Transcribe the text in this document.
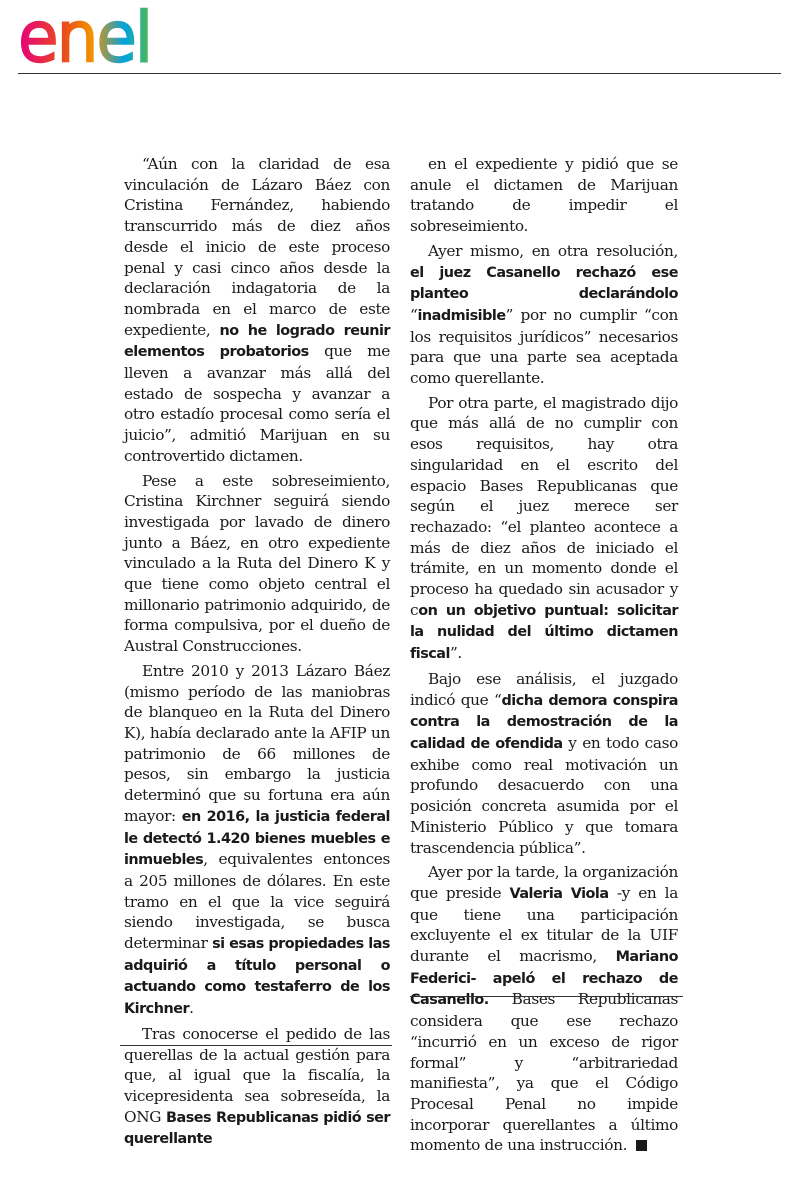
enel

“Aún con la claridad de esa vinculación de Lázaro Báez con Cristina Fernández, habiendo transcurrido más de diez años desde el inicio de este proceso penal y casi cinco años desde la declaración indagatoria de la nombrada en el marco de este expediente, no he logrado reunir elementos probatorios que me lleven a avanzar más allá del estado de sospecha y avanzar a otro estadío procesal como sería el juicio”, admitió Marijuan en su controvertido dictamen.

Pese a este sobreseimiento, Cristina Kirchner seguirá siendo investigada por lavado de dinero junto a Báez, en otro expediente vinculado a la Ruta del Dinero K y que tiene como objeto central el millonario patrimonio adquirido, de forma compulsiva, por el dueño de Austral Construcciones.

Entre 2010 y 2013 Lázaro Báez (mismo período de las maniobras de blanqueo en la Ruta del Dinero K), había declarado ante la AFIP un patrimonio de 66 millones de pesos, sin embargo la justicia determinó que su fortuna era aún mayor: en 2016, la justicia federal le detectó 1.420 bienes muebles e inmuebles, equivalentes entonces a 205 millones de dólares. En este tramo en el que la vice seguirá siendo investigada, se busca determinar si esas propiedades las adquirió a título personal o actuando como testaferro de los Kirchner.

Tras conocerse el pedido de las querellas de la actual gestión para que, al igual que la fiscalía, la vicepresidenta sea sobreseída, la ONG Bases Republicanas pidió ser querellante

en el expediente y pidió que se anule el dictamen de Marijuan tratando de impedir el sobreseimiento.

Ayer mismo, en otra resolución, el juez Casanello rechazó ese planteo declarándolo “inadmisible” por no cumplir “con los requisitos jurídicos” necesarios para que una parte sea aceptada como querellante.

Por otra parte, el magistrado dijo que más allá de no cumplir con esos requisitos, hay otra singularidad en el escrito del espacio Bases Republicanas que según el juez merece ser rechazado: “el planteo acontece a más de diez años de iniciado el trámite, en un momento donde el proceso ha quedado sin acusador y con un objetivo puntual: solicitar la nulidad del último dictamen fiscal”.

Bajo ese análisis, el juzgado indicó que “dicha demora conspira contra la demostración de la calidad de ofendida y en todo caso exhibe como real motivación un profundo desacuerdo con una posición concreta asumida por el Ministerio Público y que tomara trascendencia pública”.

Ayer por la tarde, la organización que preside Valeria Viola -y en la que tiene una participación excluyente el ex titular de la UIF durante el macrismo, Mariano Federici- apeló el rechazo de Casanello. Bases Republicanas considera que ese rechazo “incurrió en un exceso de rigor formal” y “arbitrariedad manifiesta”, ya que el Código Procesal Penal no impide incorporar querellantes a último momento de una instrucción.
